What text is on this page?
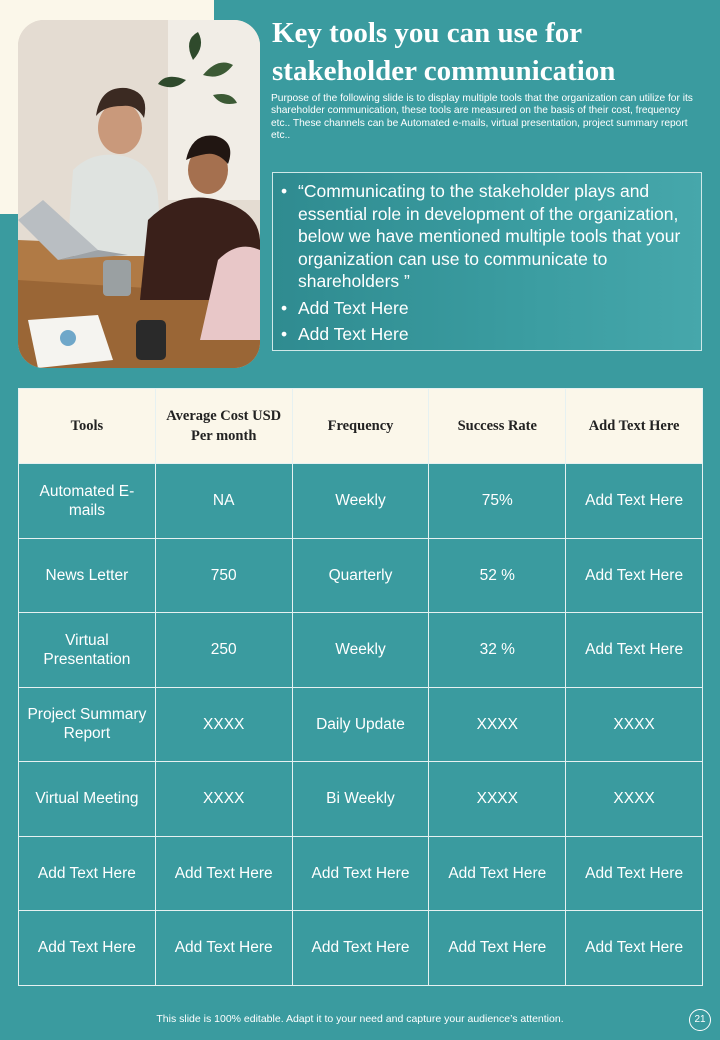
Key tools you can use for stakeholder communication
Purpose of the following slide is to display multiple tools that the organization can utilize for its shareholder communication, these tools are measured on the basis of their cost, frequency etc.. These channels can be Automated e-mails, virtual presentation, project summary report etc..
• “Communicating to the stakeholder plays and essential role in development of the organization, below we have mentioned multiple tools that your organization can use to communicate to shareholders ”
• Add Text Here
• Add Text Here
Tools	Average Cost USD Per month	Frequency	Success Rate	Add Text Here
Automated E-mails	NA	Weekly	75%	Add Text Here
News Letter	750	Quarterly	52 %	Add Text Here
Virtual Presentation	250	Weekly	32 %	Add Text Here
Project Summary Report	XXXX	Daily Update	XXXX	XXXX
Virtual Meeting	XXXX	Bi Weekly	XXXX	XXXX
Add Text Here	Add Text Here	Add Text Here	Add Text Here	Add Text Here
Add Text Here	Add Text Here	Add Text Here	Add Text Here	Add Text Here
This slide is 100% editable. Adapt it to your need and capture your audience’s attention.	21
